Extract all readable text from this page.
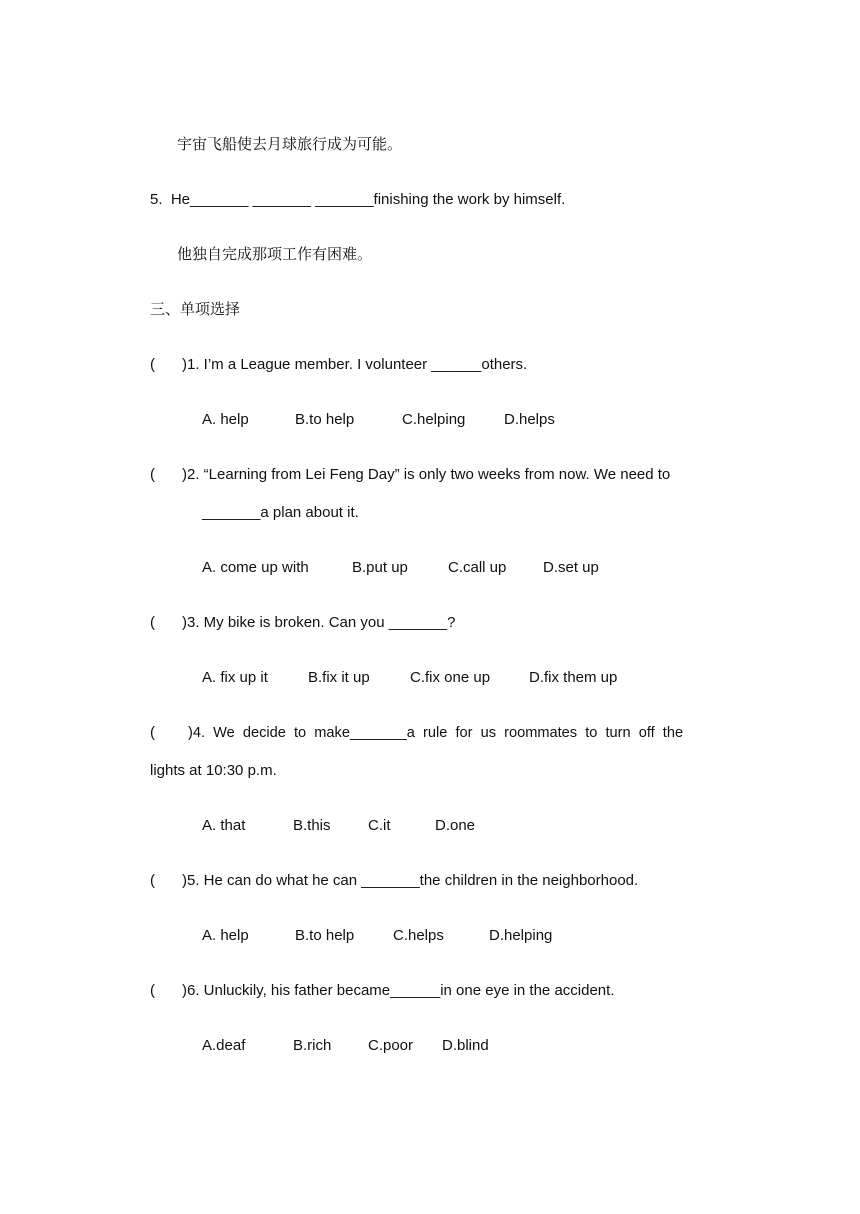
宇宙飞船使去月球旅行成为可能。
5.  He_______ _______ _______finishing the work by himself.
他独自完成那项工作有困难。
三、单项选择
( )1. I’m a League member. I volunteer ______others.
A. help	B.to help	C.helping	D.helps
( )2. “Learning from Lei Feng Day” is only two weeks from now. We need to
_______a plan about it.
A. come up with	B.put up	C.call up D.set up
( )3. My bike is broken. Can you _______?
A. fix up it	B.fix it up	C.fix one up	D.fix them up
( )4.  We  decide  to  make_______a  rule  for  us  roommates  to  turn  off  the
lights at 10:30 p.m.
A. that	B.this C.it	D.one
( )5. He can do what he can _______the children in the neighborhood.
A. help	B.to help	C.helps	D.helping
( )6. Unluckily, his father became______in one eye in the accident.
A.deaf	B.rich C.poor D.blind
